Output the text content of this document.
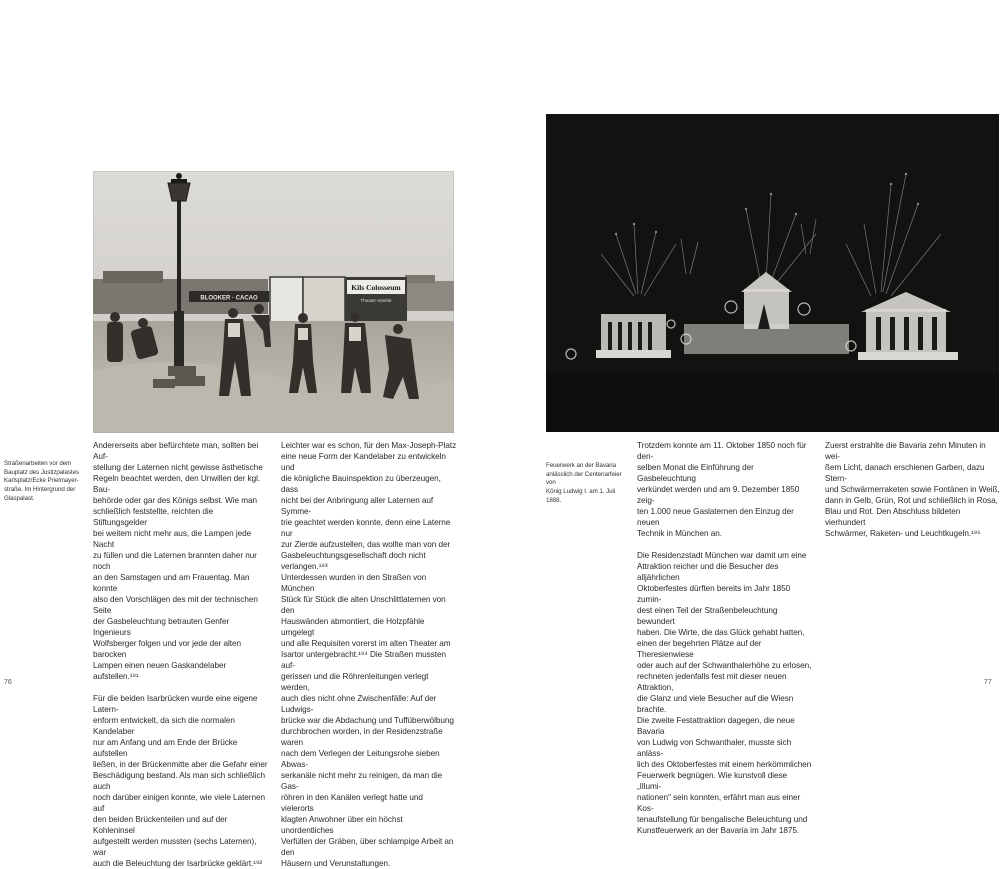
Kils Colosseum
Theater-Variété
BLOOKER · CACAO
Straßenarbeiten vor dem
Bauplatz des Justizpalastes
Karlsplatz/Ecke Prielmayer-
straße. Im Hintergrund der
Glaspalast.

Andererseits aber befürchtete man, sollten bei Auf-
stellung der Laternen nicht gewisse ästhetische
Regeln beachtet werden, den Unwillen der kgl. Bau-
behörde oder gar des Königs selbst. Wie man
schließlich feststellte, reichten die Stiftungsgelder
bei weitem nicht mehr aus, die Lampen jede Nacht
zu füllen und die Laternen brannten daher nur noch
an den Samstagen und am Frauentag. Man konnte
also den Vorschlägen des mit der technischen Seite
der Gasbeleuchtung betrauten Genfer Ingenieurs
Wolfsberger folgen und vor jede der alten barocken
Lampen einen neuen Gaskandelaber aufstellen.¹⁹¹

Für die beiden Isarbrücken wurde eine eigene Latern-
enform entwickelt, da sich die normalen Kandelaber
nur am Anfang und am Ende der Brücke aufstellen
ließen, in der Brückenmitte aber die Gefahr einer
Beschädigung bestand. Als man sich schließlich auch
noch darüber einigen konnte, wie viele Laternen auf
den beiden Brückenteilen und auf der Kohleninsel
aufgestellt werden mussten (sechs Laternen), war
auch die Beleuchtung der Isarbrücke geklärt.¹⁹²

Leichter war es schon, für den Max-Joseph-Platz
eine neue Form der Kandelaber zu entwickeln und
die königliche Bauinspektion zu überzeugen, dass
nicht bei der Anbringung aller Laternen auf Symme-
trie geachtet werden konnte, denn eine Laterne nur
zur Zierde aufzustellen, das wollte man von der
Gasbeleuchtungsgesellschaft doch nicht verlangen.¹⁹³
Unterdessen wurden in den Straßen von München
Stück für Stück die alten Unschlittlaternen von den
Hauswänden abmontiert, die Holzpfähle umgelegt
und alle Requisiten vorerst im alten Theater am
Isartor untergebracht.¹⁹⁴ Die Straßen mussten auf-
gerissen und die Röhrenleitungen verlegt werden,
auch dies nicht ohne Zwischenfälle: Auf der Ludwigs-
brücke war die Abdachung und Tuffüberwölbung
durchbrochen worden, in der Residenzstraße waren
nach dem Verlegen der Leitungsrohe sieben Abwas-
serkanäle nicht mehr zu reinigen, da man die Gas-
röhren in den Kanälen verlegt hatte und vielerorts
klagten Anwohner über ein höchst unordentliches
Verfüllen der Gräben, über schlampige Arbeit an den
Häusern und Verunstaltungen.

76
Feuerwerk an der Bavaria
anlässlich der Centenarfeier von
König Ludwig I. am 1. Juli 1888.

Trotzdem konnte am 11. Oktober 1850 noch für den-
selben Monat die Einführung der Gasbeleuchtung
verkündet werden und am 9. Dezember 1850 zeig-
ten 1.000 neue Gaslaternen den Einzug der neuen
Technik in München an.

Die Residenzstadt München war damit um eine
Attraktion reicher und die Besucher des alljährlichen
Oktoberfestes dürften bereits im Jahr 1850 zumin-
dest einen Teil der Straßenbeleuchtung bewundert
haben. Die Wirte, die das Glück gehabt hatten,
einen der begehrten Plätze auf der Theresienwiese
oder auch auf der Schwanthalerhöhe zu erlosen,
rechneten jedenfalls fest mit dieser neuen Attraktion,
die Glanz und viele Besucher auf die Wiesn brachte.
Die zweite Festattraktion dagegen, die neue Bavaria
von Ludwig von Schwanthaler, musste sich anläss-
lich des Oktoberfestes mit einem herkömmlichen
Feuerwerk begnügen. Wie kunstvoll diese „Illumi-
nationen" sein konnten, erfährt man aus einer Kos-
tenaufstellung für bengalische Beleuchtung und
Kunstfeuerwerk an der Bavaria im Jahr 1875.

Zuerst erstrahlte die Bavaria zehn Minuten in wei-
ßem Licht, danach erschienen Garben, dazu Stern-
und Schwärmerraketen sowie Fontänen in Weiß,
dann in Gelb, Grün, Rot und schließlich in Rosa,
Blau und Rot. Den Abschluss bildeten vierhundert
Schwärmer, Raketen- und Leuchtkugeln.¹⁹⁵

77
